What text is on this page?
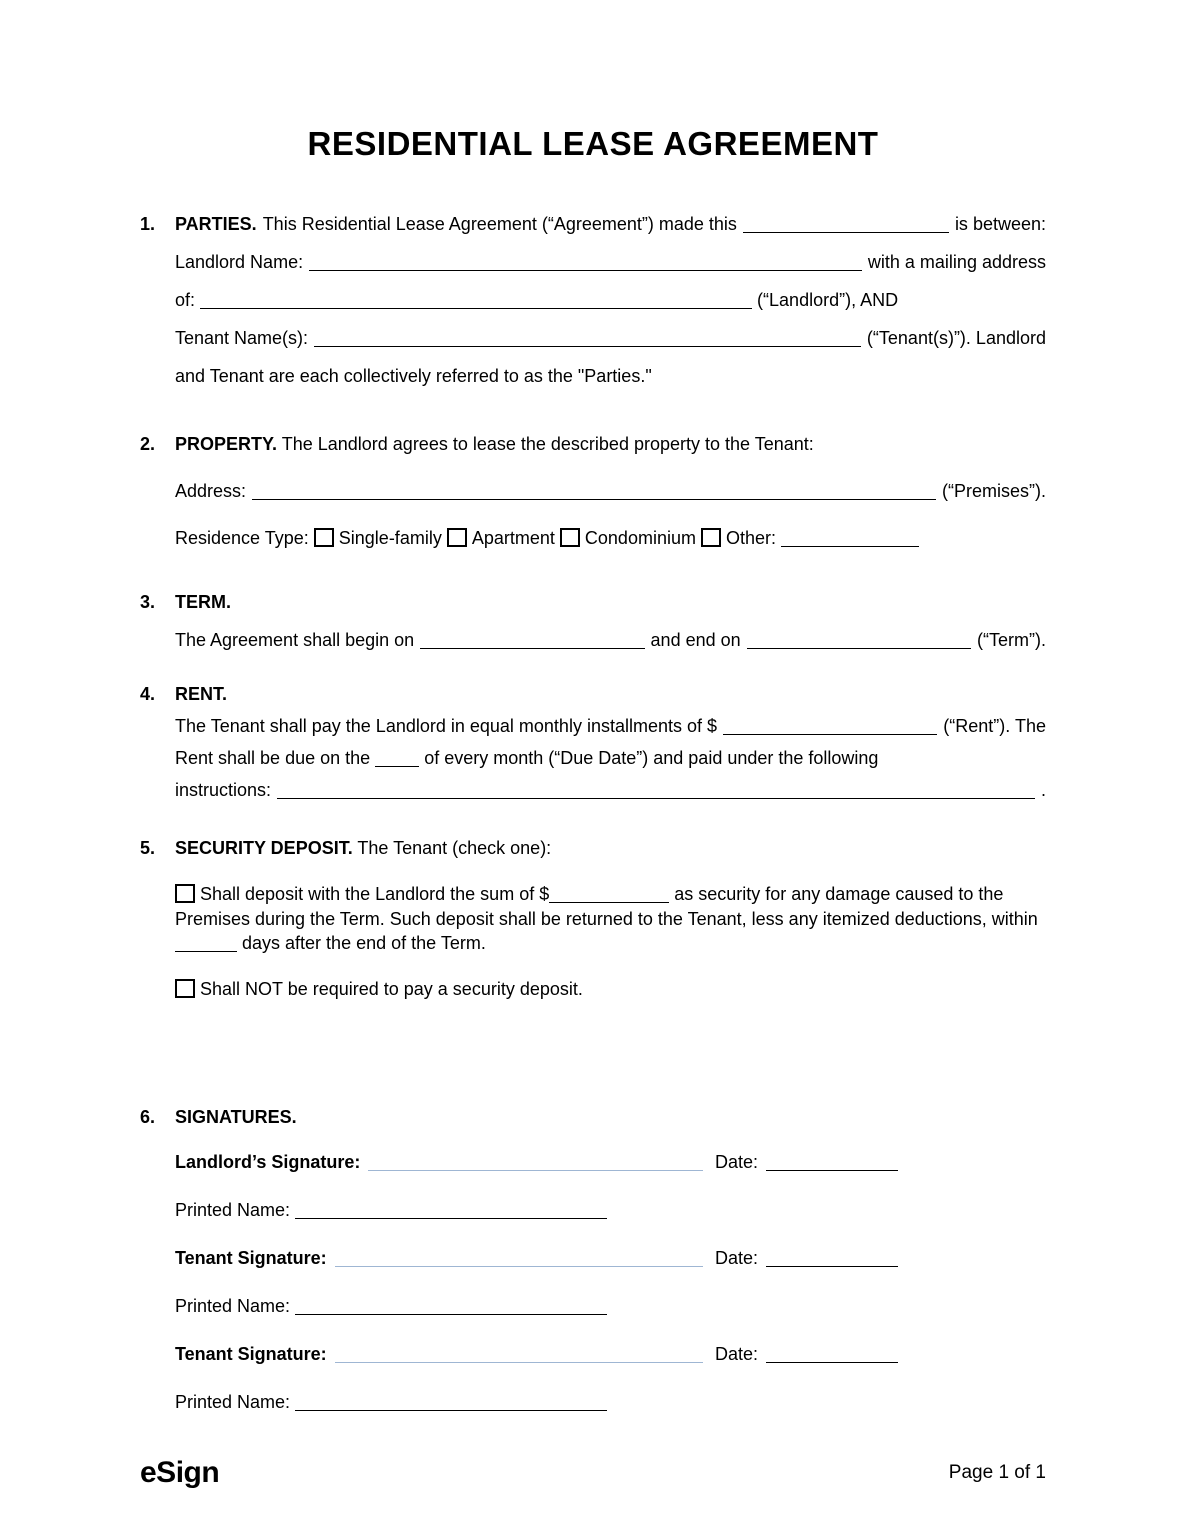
RESIDENTIAL LEASE AGREEMENT
1.	PARTIES. This Residential Lease Agreement (“Agreement”) made this	is between:
Landlord Name:	with a mailing address
of:	(“Landlord”), AND
Tenant Name(s):	(“Tenant(s)”). Landlord
and Tenant are each collectively referred to as the "Parties."
2.	PROPERTY. The Landlord agrees to lease the described property to the Tenant:
Address:	(“Premises”).
Residence Type: Single-family Apartment Condominium Other:
3.	TERM.
The Agreement shall begin on	and end on	(“Term”).
4.	RENT.
The Tenant shall pay the Landlord in equal monthly installments of $	(“Rent”). The
Rent shall be due on the	of every month (“Due Date”) and paid under the following
instructions:	.
5.	SECURITY DEPOSIT. The Tenant (check one):
Shall deposit with the Landlord the sum of $	as security for any damage caused to the Premises during the Term. Such deposit shall be returned to the Tenant, less any itemized deductions, within  days after the end of the Term.
Shall NOT be required to pay a security deposit.
6.	SIGNATURES.
Landlord’s Signature:	Date:
Printed Name:
Tenant Signature:	Date:
Printed Name:
Tenant Signature:	Date:
Printed Name:
eSign	Page 1 of 1
